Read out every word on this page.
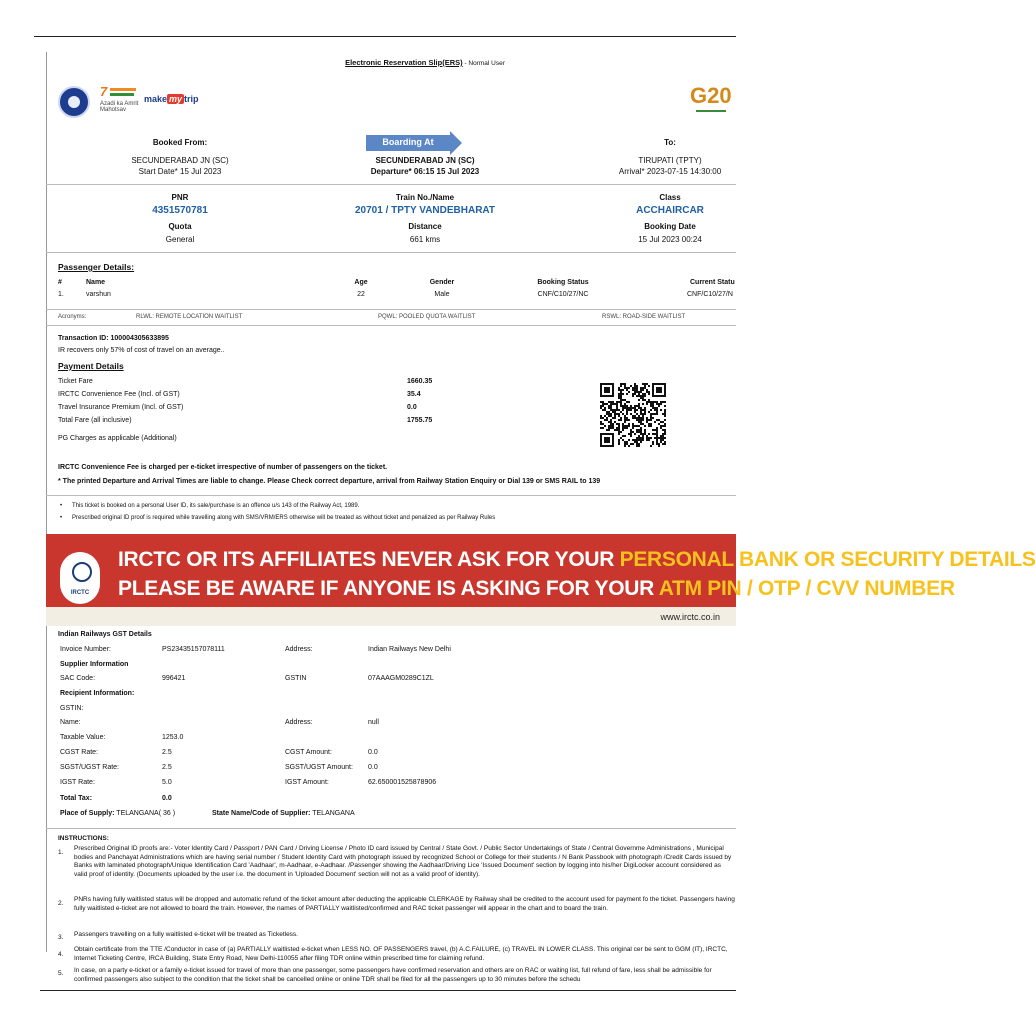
Electronic Reservation Slip(ERS) - Normal User
7
Azadi ka Amrit Mahotsav
make my trip	G20
Booked From:
SECUNDERABAD JN (SC)
Start Date* 15 Jul 2023
Boarding At
SECUNDERABAD JN (SC)
Departure* 06:15 15 Jul 2023
To:
TIRUPATI (TPTY)
Arrival* 2023-07-15 14:30:00
PNR
4351570781
Quota
General
Train No./Name
20701 / TPTY VANDEBHARAT
Distance
661 kms
Class
ACCHAIRCAR
Booking Date
15 Jul 2023 00:24
Passenger Details:
#	Name	Age	Gender	Booking Status	Current Statu
1.	varshun	22	Male	CNF/C10/27/NC	CNF/C10/27/N
Acronyms:	RLWL: REMOTE LOCATION WAITLIST	PQWL: POOLED QUOTA WAITLIST	RSWL: ROAD-SIDE WAITLIST
Transaction ID: 100004305633895
IR recovers only 57% of cost of travel on an average..
Payment Details
Ticket Fare	1660.35
IRCTC Convenience Fee (Incl. of GST)	35.4
Travel Insurance Premium (Incl. of GST)	0.0
Total Fare (all inclusive)	1755.75
PG Charges as applicable (Additional)
IRCTC Convenience Fee is charged per e-ticket irrespective of number of passengers on the ticket.
* The printed Departure and Arrival Times are liable to change. Please Check correct departure, arrival from Railway Station Enquiry or Dial 139 or SMS RAIL to 139
• This ticket is booked on a personal User ID, its sale/purchase is an offence u/s 143 of the Railway Act, 1989.
• Prescribed original ID proof is required while travelling along with SMS/VRM/ERS otherwise will be treated as without ticket and penalized as per Railway Rules
IRCTC
IRCTC OR ITS AFFILIATES NEVER ASK FOR YOUR PERSONAL BANK OR SECURITY DETAILS
PLEASE BE AWARE IF ANYONE IS ASKING FOR YOUR ATM PIN / OTP / CVV NUMBER
www.irctc.co.in
Indian Railways GST Details
Invoice Number:	PS23435157078111	Address:	Indian Railways New Delhi
Supplier Information
SAC Code:	996421	GSTIN	07AAAGM0289C1ZL
Recipient Information:
GSTIN:
Name:	Address:	null
Taxable Value:	1253.0
CGST Rate:	2.5	CGST Amount:	0.0
SGST/UGST Rate:	2.5	SGST/UGST Amount: 0.0
IGST Rate:	5.0	IGST Amount:	62.650001525878906
Total Tax:	0.0
Place of Supply: TELANGANA( 36 )	State Name/Code of Supplier: TELANGANA
INSTRUCTIONS:
1.
Prescribed Original ID proofs are:- Voter Identity Card / Passport / PAN Card / Driving License / Photo ID card issued by Central / State Govt. / Public Sector Undertakings of State / Central Governme Administrations , Municipal bodies and Panchayat Administrations which are having serial number / Student Identity Card with photograph issued by recognized School or College for their students / N Bank Passbook with photograph /Credit Cards issued by Banks with laminated photograph/Unique Identification Card 'Aadhaar', m-Aadhaar, e-Aadhaar. /Passenger showing the Aadhaar/Driving Lice 'Issued Document' section by logging into his/her DigiLocker account considered as valid proof of identity. (Documents uploaded by the user i.e. the document in 'Uploaded Document' section will not as a valid proof of identity).
2.
PNRs having fully waitlisted status will be dropped and automatic refund of the ticket amount after deducting the applicable CLERKAGE by Railway shall be credited to the account used for payment fo the ticket. Passengers having fully waitlisted e-ticket are not allowed to board the train. However, the names of PARTIALLY waitlisted/confirmed and RAC ticket passenger will appear in the chart and to board the train.
3. Passengers travelling on a fully waitlisted e-ticket will be treated as Ticketless.
4.
Obtain certificate from the TTE /Conductor in case of (a) PARTIALLY waitlisted e-ticket when LESS NO. OF PASSENGERS travel, (b) A.C.FAILURE, (c) TRAVEL IN LOWER CLASS. This original cer be sent to GGM (IT), IRCTC, Internet Ticketing Centre, IRCA Building, State Entry Road, New Delhi-110055 after filing TDR online within prescribed time for claiming refund.
5. In case, on a party e-ticket or a family e-ticket issued for travel of more than one passenger, some passengers have confirmed reservation and others are on RAC or waiting list, full refund of fare, less shall be admissible for confirmed passengers also subject to the condition that the ticket shall be cancelled online or online TDR shall be filed for all the passengers up to 30 minutes before the schedu
